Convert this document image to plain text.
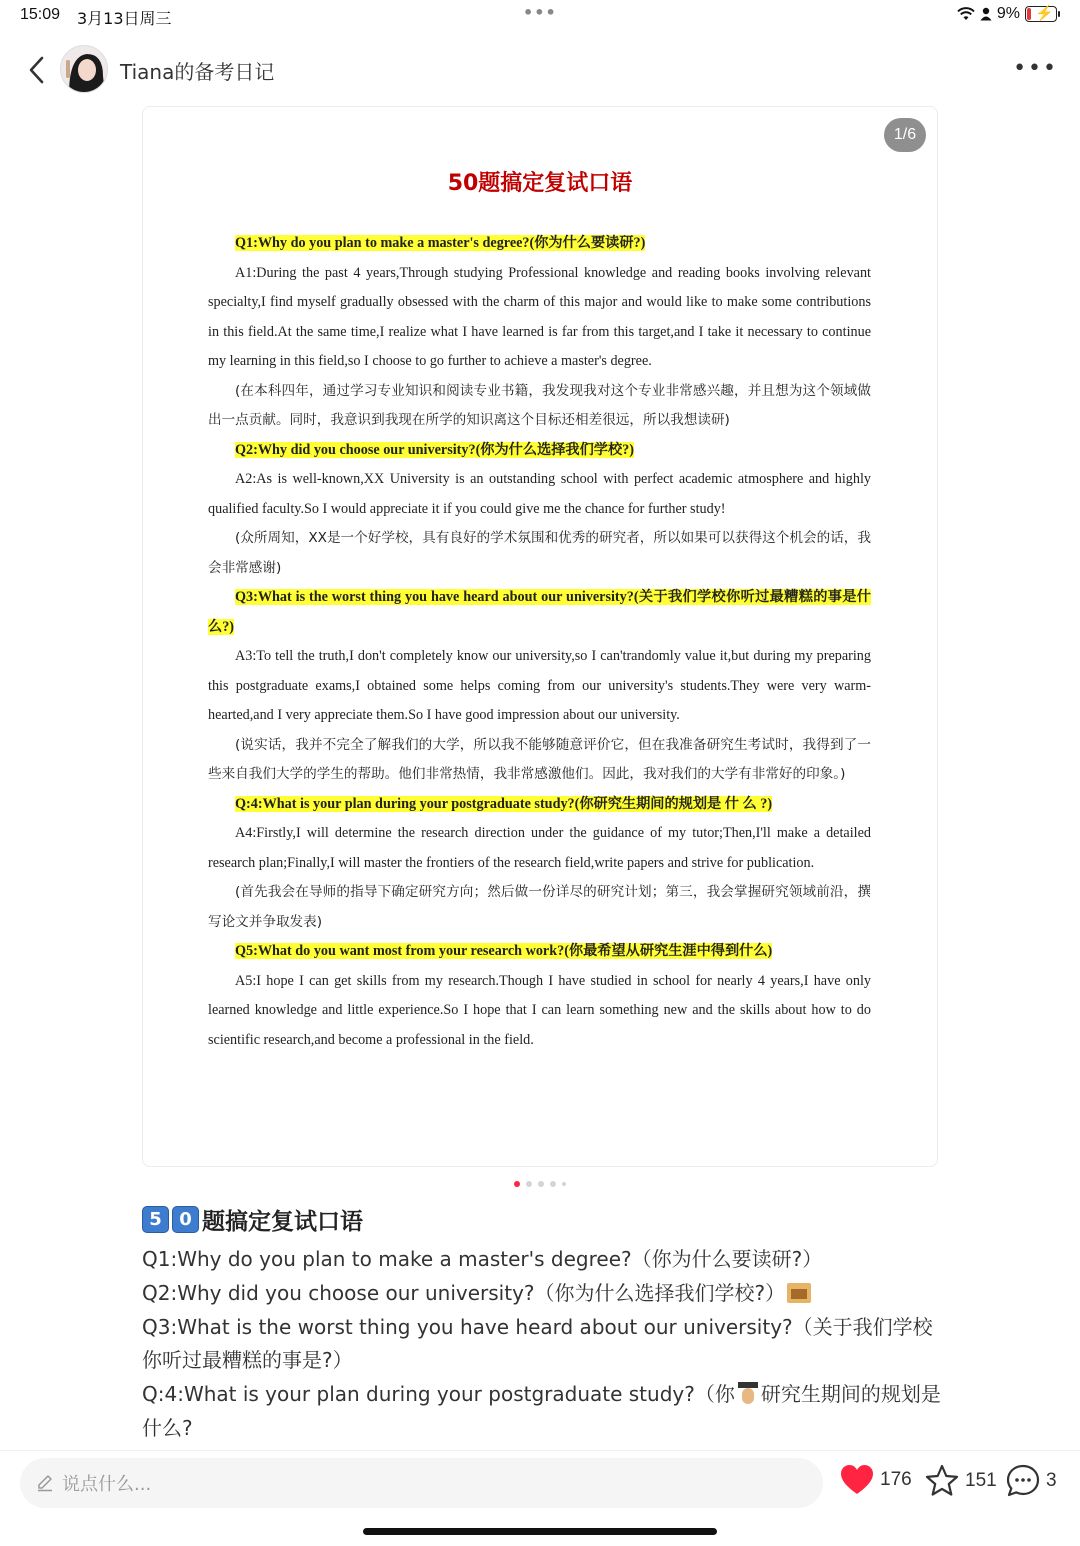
15:09 3月13日周三	•••	9% ⚡
Tiana的备考日记	•••
1/6
50题搞定复试口语

Q1:Why do you plan to make a master's degree?(你为什么要读研?)

A1:During the past 4 years,Through studying Professional knowledge and reading books involving relevant specialty,I find myself gradually obsessed with the charm of this major and would like to make some contributions in this field.At the same time,I realize what I have learned is far from this target,and I take it necessary to continue my learning in this field,so I choose to go further to achieve a master's degree.

(在本科四年，通过学习专业知识和阅读专业书籍，我发现我对这个专业非常感兴趣，并且想为这个领域做出一点贡献。同时，我意识到我现在所学的知识离这个目标还相差很远，所以我想读研)

Q2:Why did you choose our university?(你为什么选择我们学校?)

A2:As is well-known,XX University is an outstanding school with perfect academic atmosphere and highly qualified faculty.So I would appreciate it if you could give me the chance for further study!

(众所周知，XX是一个好学校，具有良好的学术氛围和优秀的研究者，所以如果可以获得这个机会的话，我会非常感谢)

Q3:What is the worst thing you have heard about our university?(关于我们学校你听过最糟糕的事是什么?)

A3:To tell the truth,I don't completely know our university,so I can'trandomly value it,but during my preparing this postgraduate exams,I obtained some helps coming from our university's students.They were very warm-hearted,and I very appreciate them.So I have good impression about our university.

(说实话，我并不完全了解我们的大学，所以我不能够随意评价它，但在我准备研究生考试时，我得到了一些来自我们大学的学生的帮助。他们非常热情，我非常感激他们。因此，我对我们的大学有非常好的印象。)

Q:4:What is your plan during your postgraduate study?(你研究生期间的规划是 什 么 ?)

A4:Firstly,I will determine the research direction under the guidance of my tutor;Then,I'll make a detailed research plan;Finally,I will master the frontiers of the research field,write papers and strive for publication.

(首先我会在导师的指导下确定研究方向；然后做一份详尽的研究计划；第三，我会掌握研究领域前沿，撰写论文并争取发表)

Q5:What do you want most from your research work?(你最希望从研究生涯中得到什么)

A5:I hope I can get skills from my research.Though I have studied in school for nearly 4 years,I have only learned knowledge and little experience.So I hope that I can learn something new and the skills about how to do scientific research,and become a professional in the field.

5 0 题搞定复试口语
Q1:Why do you plan to make a master's degree?（你为什么要读研?）
Q2:Why did you choose our university?（你为什么选择我们学校?）
Q3:What is the worst thing you have heard about our university?（关于我们学校你听过最糟糕的事是?）
Q:4:What is your plan during your postgraduate study?（你 研究生期间的规划是什么?
说点什么...	176	151	3
